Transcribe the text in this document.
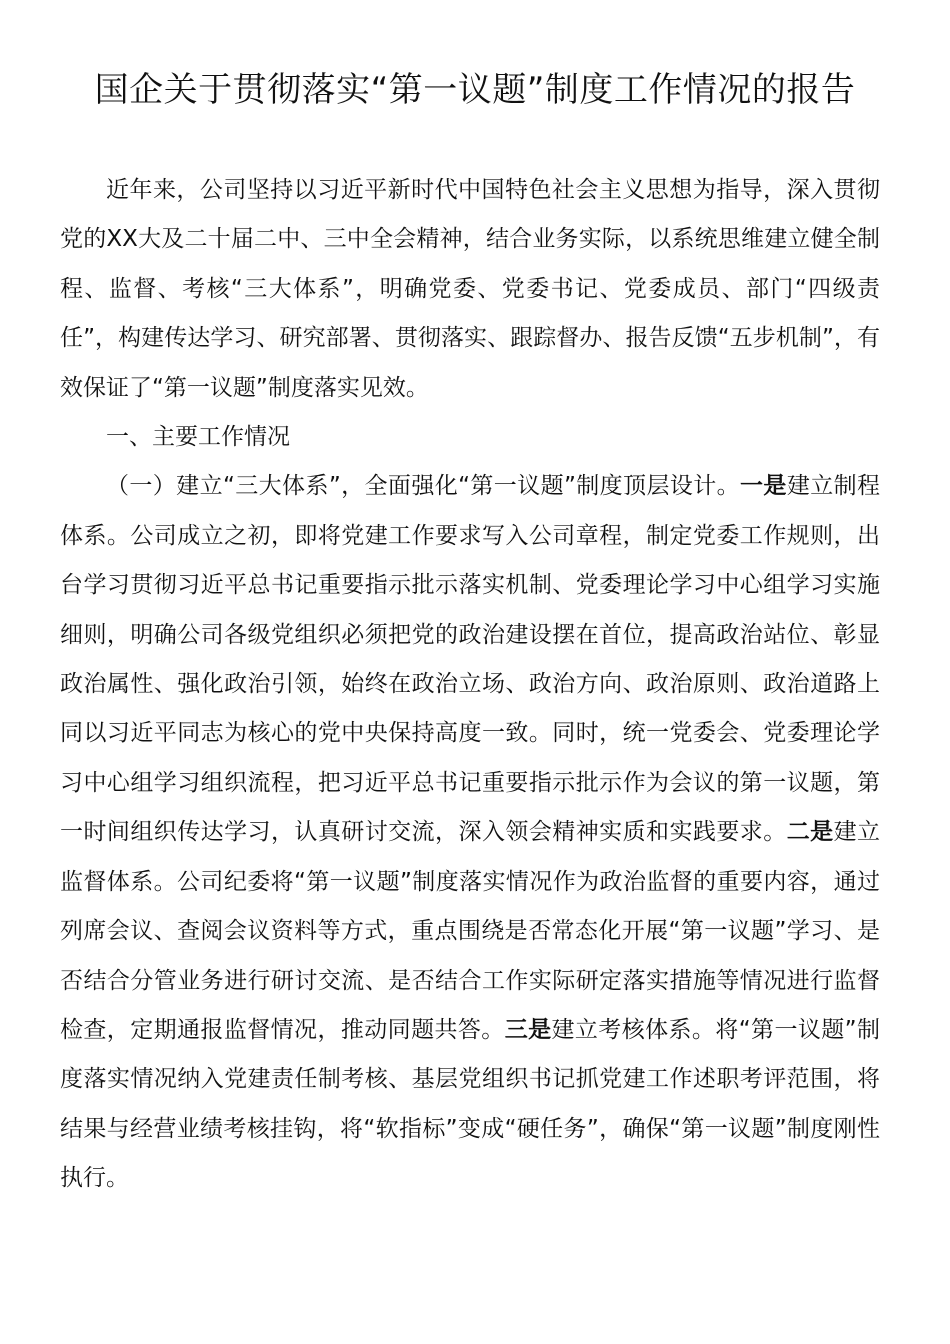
国企关于贯彻落实“第一议题”制度工作情况的报告

近年来，公司坚持以习近平新时代中国特色社会主义思想为指导，深入贯彻党的XX大及二十届二中、三中全会精神，结合业务实际，以系统思维建立健全制程、监督、考核“三大体系”，明确党委、党委书记、党委成员、部门“四级责任”，构建传达学习、研究部署、贯彻落实、跟踪督办、报告反馈“五步机制”，有效保证了“第一议题”制度落实见效。

一、主要工作情况

（一）建立“三大体系”，全面强化“第一议题”制度顶层设计。一是建立制程体系。公司成立之初，即将党建工作要求写入公司章程，制定党委工作规则，出台学习贯彻习近平总书记重要指示批示落实机制、党委理论学习中心组学习实施细则，明确公司各级党组织必须把党的政治建设摆在首位，提高政治站位、彰显政治属性、强化政治引领，始终在政治立场、政治方向、政治原则、政治道路上同以习近平同志为核心的党中央保持高度一致。同时，统一党委会、党委理论学习中心组学习组织流程，把习近平总书记重要指示批示作为会议的第一议题，第一时间组织传达学习，认真研讨交流，深入领会精神实质和实践要求。二是建立监督体系。公司纪委将“第一议题”制度落实情况作为政治监督的重要内容，通过列席会议、查阅会议资料等方式，重点围绕是否常态化开展“第一议题”学习、是否结合分管业务进行研讨交流、是否结合工作实际研定落实措施等情况进行监督检查，定期通报监督情况，推动同题共答。三是建立考核体系。将“第一议题”制度落实情况纳入党建责任制考核、基层党组织书记抓党建工作述职考评范围，将结果与经营业绩考核挂钩，将“软指标”变成“硬任务”，确保“第一议题”制度刚性执行。
